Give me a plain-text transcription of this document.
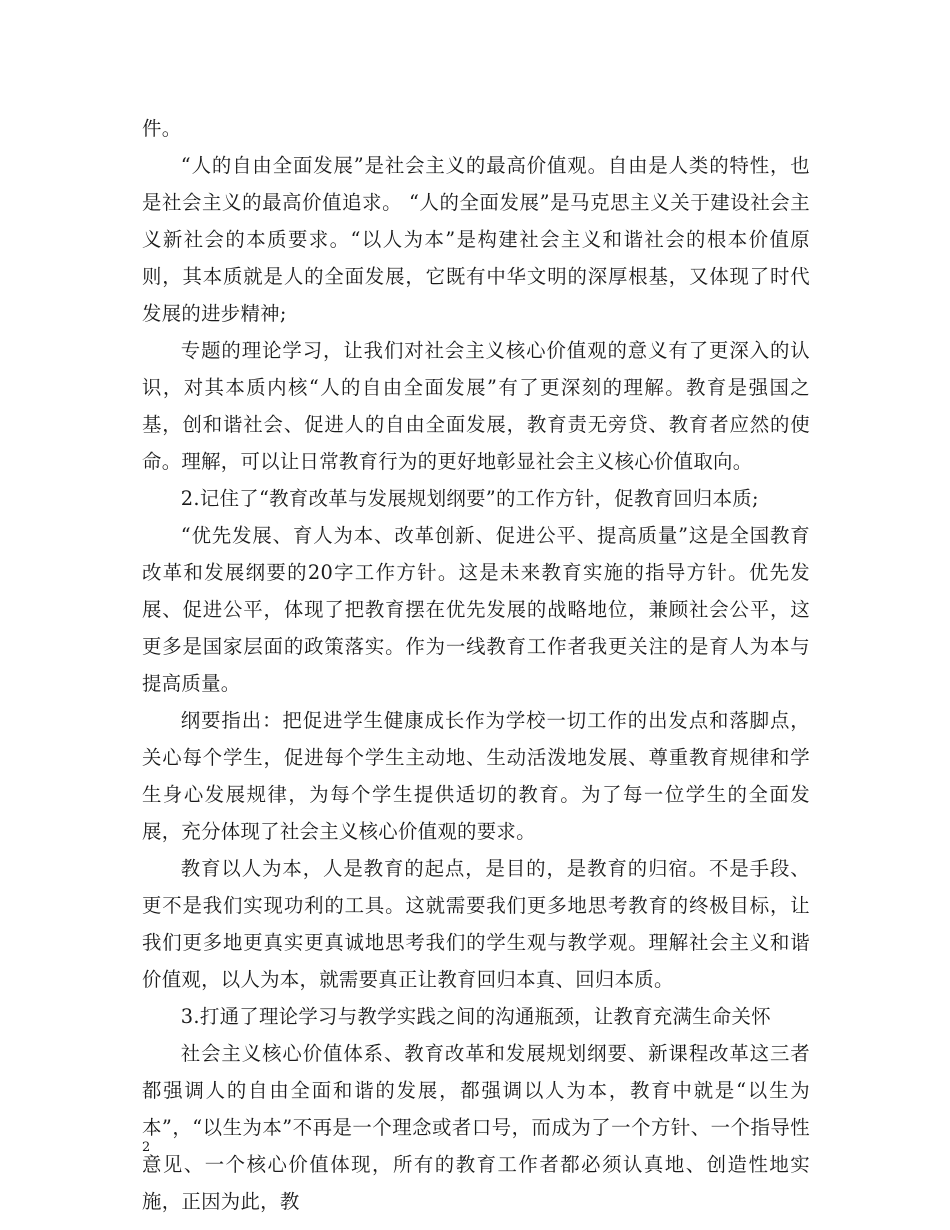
件。

“人的自由全面发展”是社会主义的最高价值观。自由是人类的特性，也是社会主义的最高价值追求。 “人的全面发展”是马克思主义关于建设社会主义新社会的本质要求。“以人为本”是构建社会主义和谐社会的根本价值原则，其本质就是人的全面发展，它既有中华文明的深厚根基，又体现了时代发展的进步精神;

专题的理论学习，让我们对社会主义核心价值观的意义有了更深入的认识，对其本质内核“人的自由全面发展”有了更深刻的理解。教育是强国之基，创和谐社会、促进人的自由全面发展，教育责无旁贷、教育者应然的使命。理解，可以让日常教育行为的更好地彰显社会主义核心价值取向。

2.记住了“教育改革与发展规划纲要”的工作方针，促教育回归本质;

“优先发展、育人为本、改革创新、促进公平、提高质量”这是全国教育改革和发展纲要的20字工作方针。这是未来教育实施的指导方针。优先发展、促进公平，体现了把教育摆在优先发展的战略地位，兼顾社会公平，这更多是国家层面的政策落实。作为一线教育工作者我更关注的是育人为本与提高质量。

纲要指出：把促进学生健康成长作为学校一切工作的出发点和落脚点，关心每个学生，促进每个学生主动地、生动活泼地发展、尊重教育规律和学生身心发展规律，为每个学生提供适切的教育。为了每一位学生的全面发展，充分体现了社会主义核心价值观的要求。

教育以人为本，人是教育的起点，是目的，是教育的归宿。不是手段、更不是我们实现功利的工具。这就需要我们更多地思考教育的终极目标，让我们更多地更真实更真诚地思考我们的学生观与教学观。理解社会主义和谐价值观，以人为本，就需要真正让教育回归本真、回归本质。

3.打通了理论学习与教学实践之间的沟通瓶颈，让教育充满生命关怀

社会主义核心价值体系、教育改革和发展规划纲要、新课程改革这三者都强调人的自由全面和谐的发展，都强调以人为本，教育中就是“以生为本”，“以生为本”不再是一个理念或者口号，而成为了一个方针、一个指导性意见、一个核心价值体现，所有的教育工作者都必须认真地、创造性地实施，正因为此，教

2
